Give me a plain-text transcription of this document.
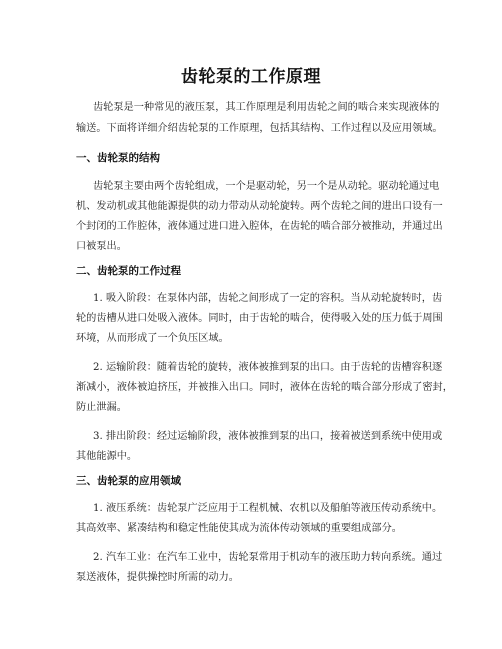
齿轮泵的工作原理

齿轮泵是一种常见的液压泵，其工作原理是利用齿轮之间的啮合来实现液体的

输送。下面将详细介绍齿轮泵的工作原理，包括其结构、工作过程以及应用领域。

一、齿轮泵的结构

齿轮泵主要由两个齿轮组成，一个是驱动轮，另一个是从动轮。驱动轮通过电

机、发动机或其他能源提供的动力带动从动轮旋转。两个齿轮之间的进出口设有一

个封闭的工作腔体，液体通过进口进入腔体，在齿轮的啮合部分被推动，并通过出

口被泵出。

二、齿轮泵的工作过程

1. 吸入阶段：在泵体内部，齿轮之间形成了一定的容积。当从动轮旋转时，齿

轮的齿槽从进口处吸入液体。同时，由于齿轮的啮合，使得吸入处的压力低于周围

环境，从而形成了一个负压区域。

2. 运输阶段：随着齿轮的旋转，液体被推到泵的出口。由于齿轮的齿槽容积逐

渐减小，液体被迫挤压，并被推入出口。同时，液体在齿轮的啮合部分形成了密封，

防止泄漏。

3. 排出阶段：经过运输阶段，液体被推到泵的出口，接着被送到系统中使用或

其他能源中。

三、齿轮泵的应用领域

1. 液压系统：齿轮泵广泛应用于工程机械、农机以及船舶等液压传动系统中。

其高效率、紧凑结构和稳定性能使其成为流体传动领域的重要组成部分。

2. 汽车工业：在汽车工业中，齿轮泵常用于机动车的液压助力转向系统。通过

泵送液体，提供操控时所需的动力。
